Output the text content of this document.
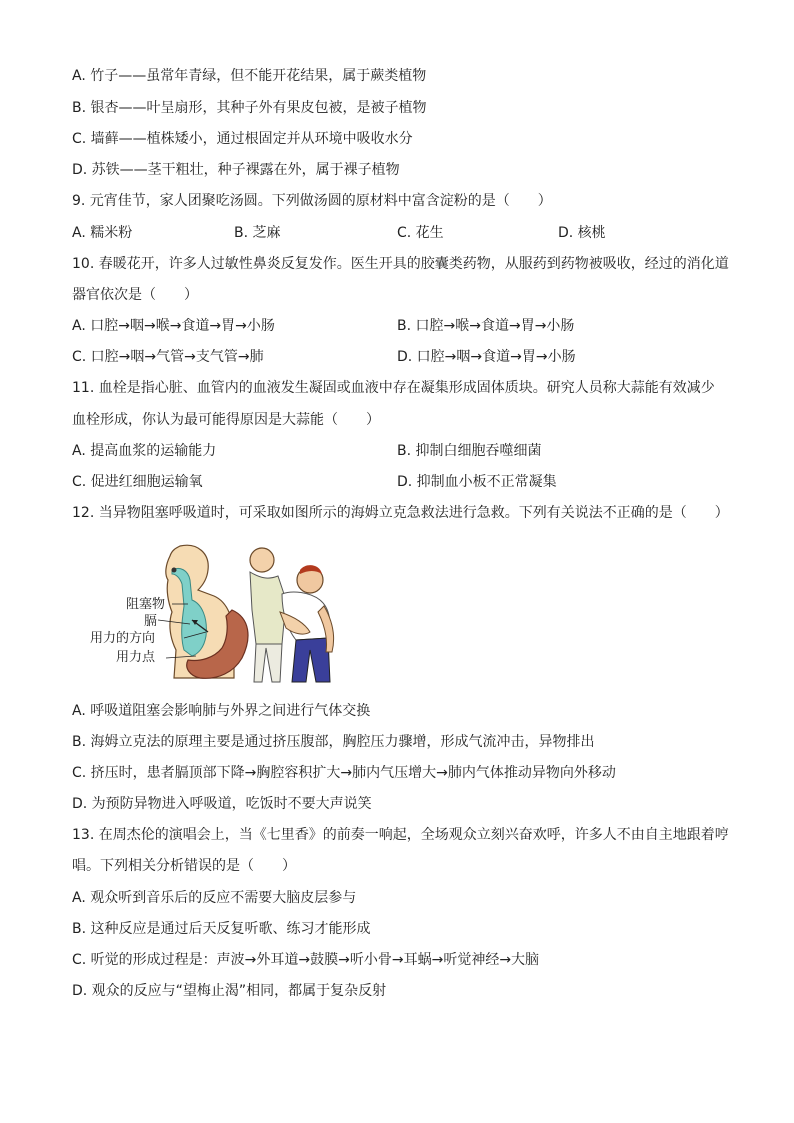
A. 竹子——虽常年青绿，但不能开花结果，属于蕨类植物
B. 银杏——叶呈扇形，其种子外有果皮包被，是被子植物
C. 墙藓——植株矮小，通过根固定并从环境中吸收水分
D. 苏铁——茎干粗壮，种子裸露在外，属于裸子植物
9. 元宵佳节，家人团聚吃汤圆。下列做汤圆的原材料中富含淀粉的是（　　）
A. 糯米粉	B. 芝麻	C. 花生	D. 核桃
10. 春暖花开，许多人过敏性鼻炎反复发作。医生开具的胶囊类药物，从服药到药物被吸收，经过的消化道
器官依次是（　　）
A. 口腔→咽→喉→食道→胃→小肠	B. 口腔→喉→食道→胃→小肠
C. 口腔→咽→气管→支气管→肺	D. 口腔→咽→食道→胃→小肠
11. 血栓是指心脏、血管内的血液发生凝固或血液中存在凝集形成固体质块。研究人员称大蒜能有效减少
血栓形成，你认为最可能得原因是大蒜能（　　）
A. 提高血浆的运输能力	B. 抑制白细胞吞噬细菌
C. 促进红细胞运输氧	D. 抑制血小板不正常凝集
12. 当异物阻塞呼吸道时，可采取如图所示的海姆立克急救法进行急救。下列有关说法不正确的是（　　）
阻塞物
膈
用力的方向
用力点
A. 呼吸道阻塞会影响肺与外界之间进行气体交换
B. 海姆立克法的原理主要是通过挤压腹部，胸腔压力骤增，形成气流冲击，异物排出
C. 挤压时，患者膈顶部下降→胸腔容积扩大→肺内气压增大→肺内气体推动异物向外移动
D. 为预防异物进入呼吸道，吃饭时不要大声说笑
13. 在周杰伦的演唱会上，当《七里香》的前奏一响起，全场观众立刻兴奋欢呼，许多人不由自主地跟着哼
唱。下列相关分析错误的是（　　）
A. 观众听到音乐后的反应不需要大脑皮层参与
B. 这种反应是通过后天反复听歌、练习才能形成
C. 听觉的形成过程是：声波→外耳道→鼓膜→听小骨→耳蜗→听觉神经→大脑
D. 观众的反应与“望梅止渴”相同，都属于复杂反射
